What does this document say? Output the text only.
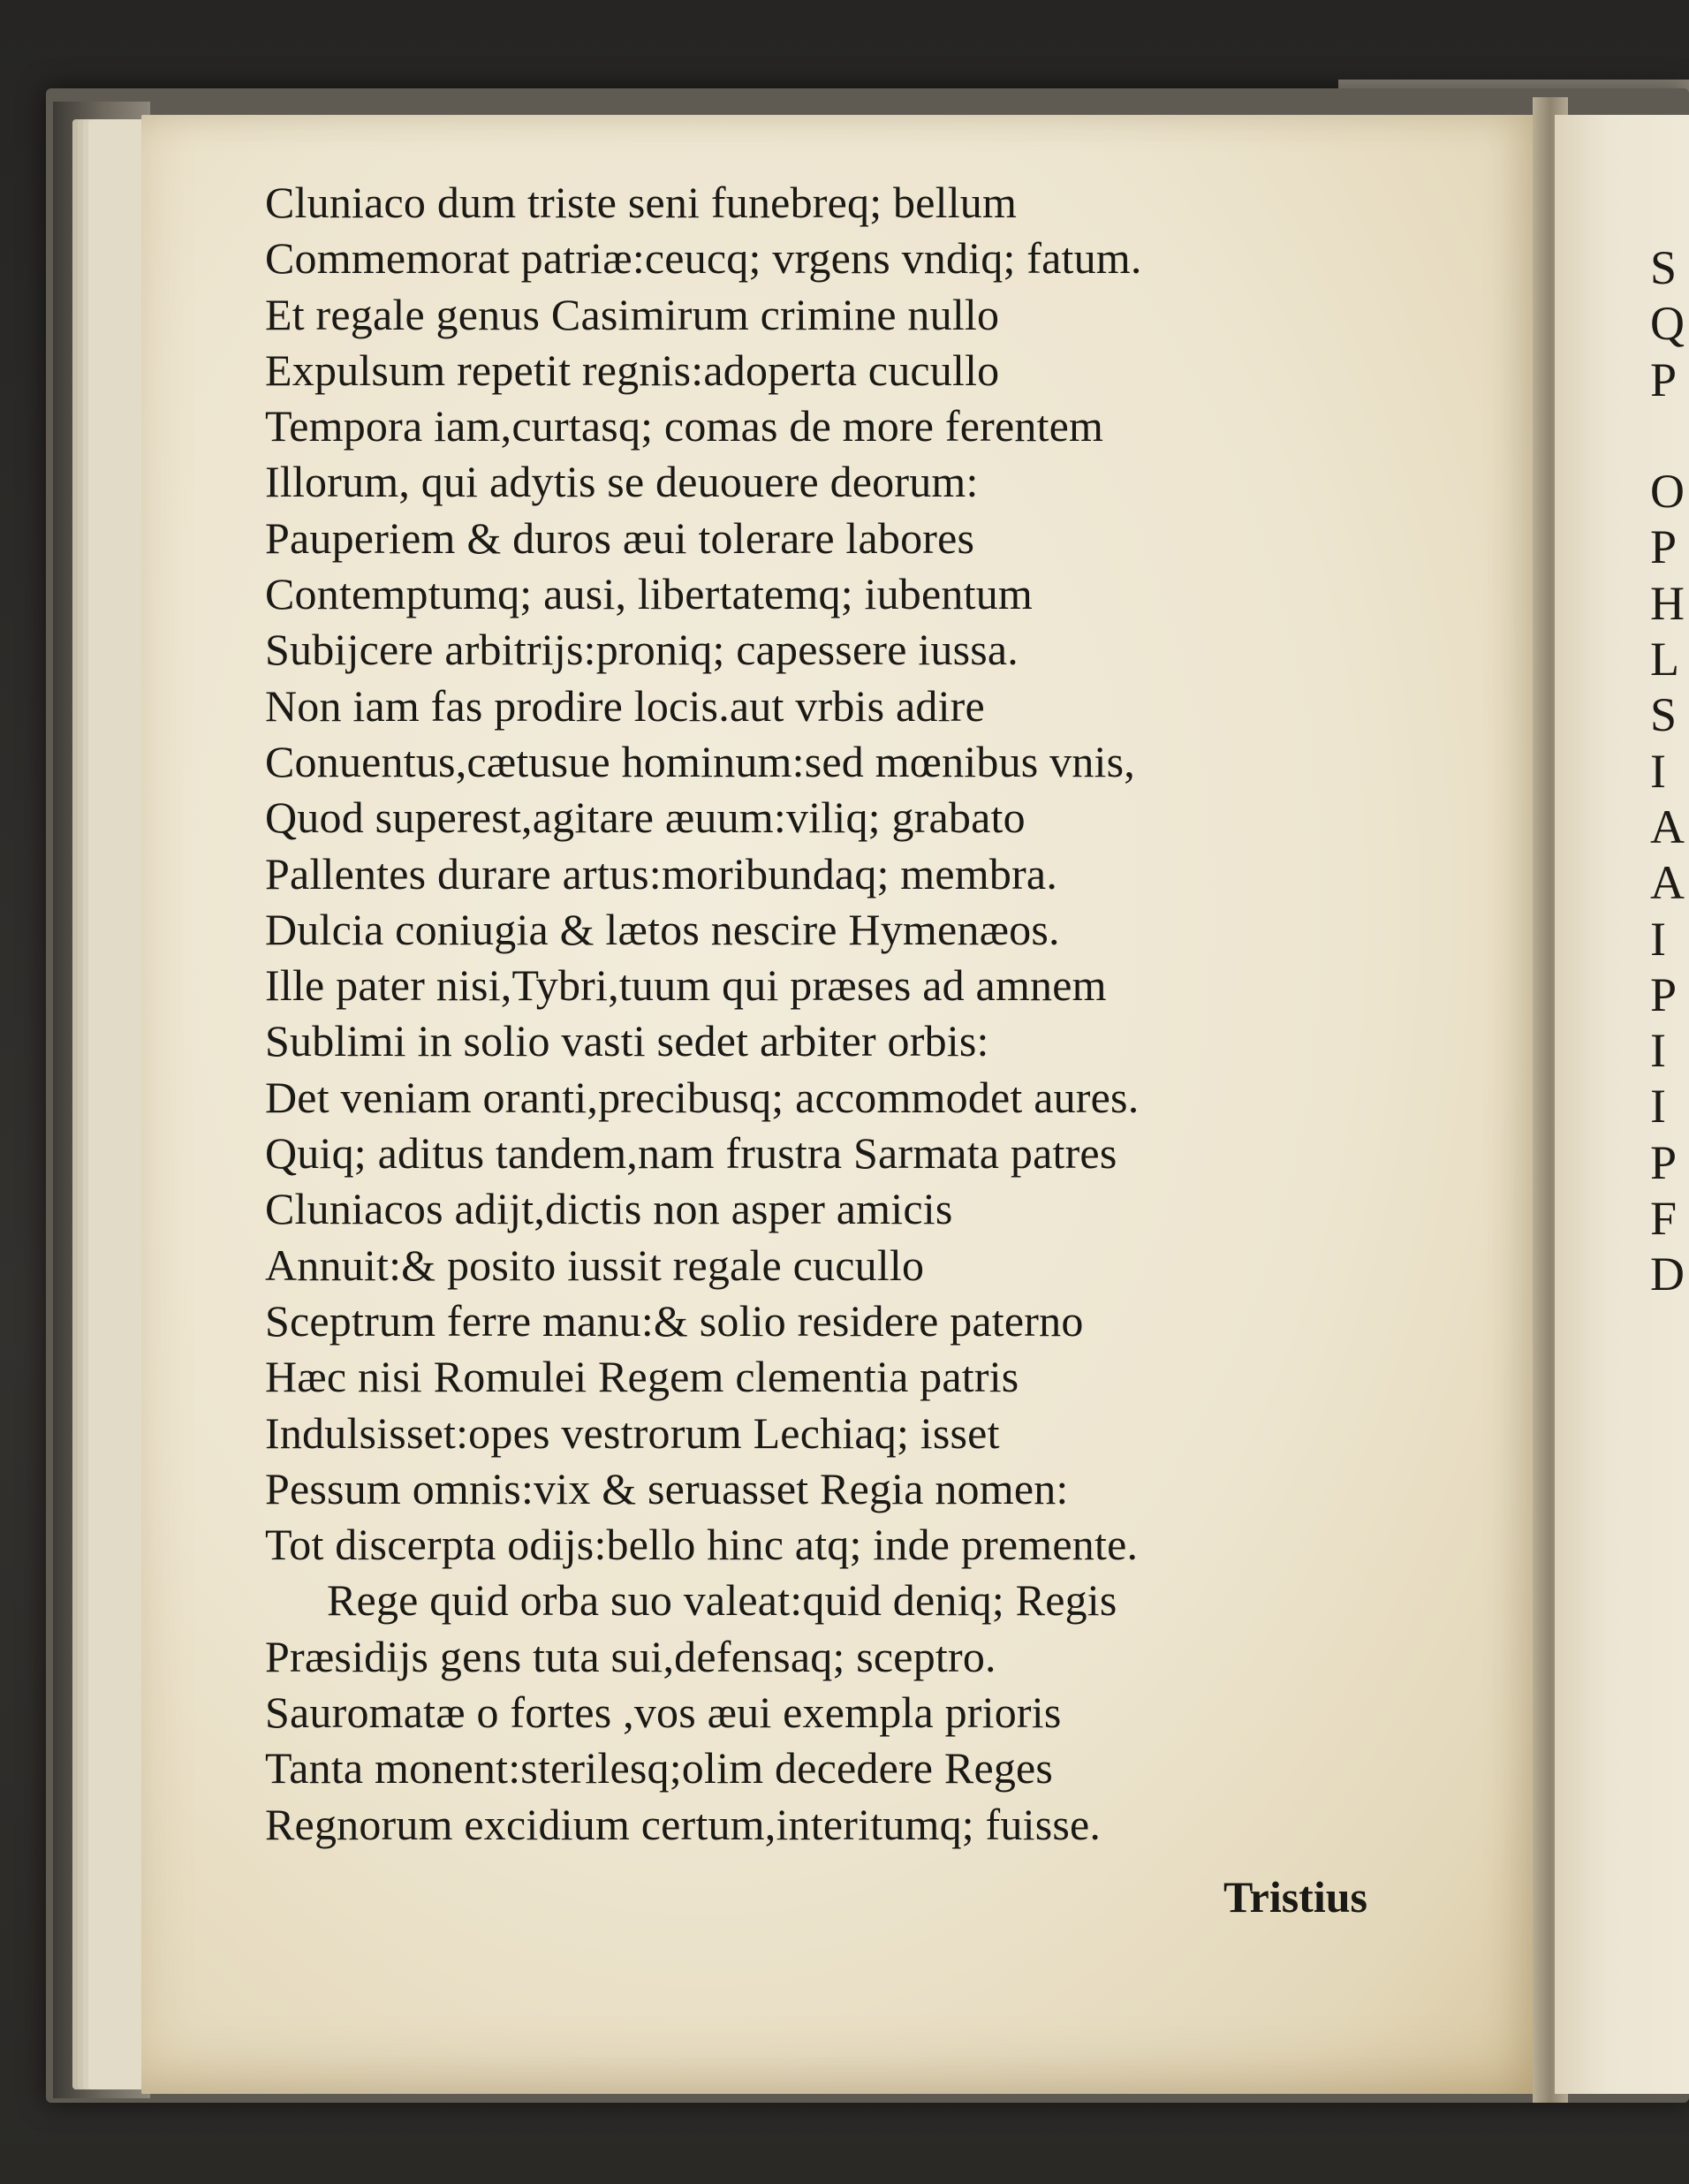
Cluniaco dum triste seni funebreq; bellum
Commemorat patriæ:ceucq; vrgens vndiq; fatum.
Et regale genus Casimirum crimine nullo
Expulsum repetit regnis:adoperta cucullo
Tempora iam,curtasq; comas de more ferentem
Illorum, qui adytis se deuouere deorum:
Pauperiem & duros æui tolerare labores
Contemptumq; ausi, libertatemq; iubentum
Subijcere arbitrijs:proniq; capessere iussa.
Non iam fas prodire locis.aut vrbis adire
Conuentus,cætusue hominum:sed mœnibus vnis,
Quod superest,agitare æuum:viliq; grabato
Pallentes durare artus:moribundaq; membra.
Dulcia coniugia & lætos nescire Hymenæos.
Ille pater nisi,Tybri,tuum qui præses ad amnem
Sublimi in solio vasti sedet arbiter orbis:
Det veniam oranti,precibusq; accommodet aures.
Quiq; aditus tandem,nam frustra Sarmata patres
Cluniacos adijt,dictis non asper amicis
Annuit:& posito iussit regale cucullo
Sceptrum ferre manu:& solio residere paterno
Hæc nisi Romulei Regem clementia patris
Indulsisset:opes vestrorum Lechiaq; isset
Pessum omnis:vix & seruasset Regia nomen:
Tot discerpta odijs:bello hinc atq; inde premente.
Rege quid orba suo valeat:quid deniq; Regis
Præsidijs gens tuta sui,defensaq; sceptro.
Sauromatæ o fortes ,vos æui exempla prioris
Tanta monent:sterilesq;olim decedere Reges
Regnorum excidium certum,interitumq; fuisse.
Tristius
S
Q
P
O
P
H
L
S
I
A
A
I
P
I
I
P
F
D
